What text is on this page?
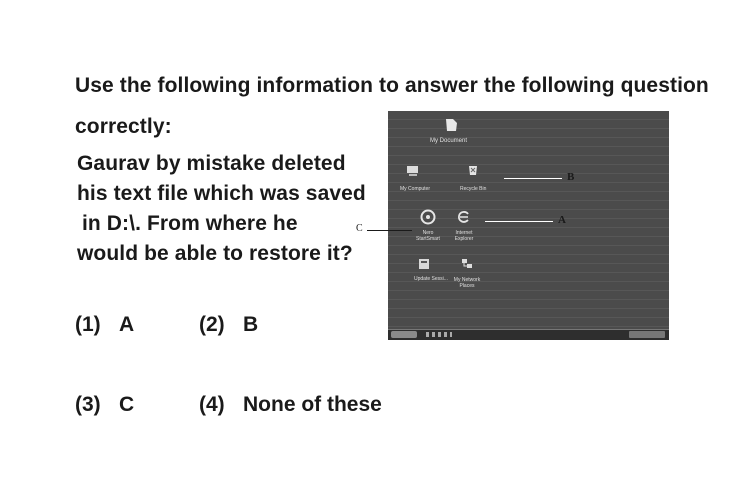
Use the following information to answer the following question
correctly:
Gaurav by mistake deleted
his text file which was saved
in D:\. From where he
would be able to restore it?
(1) A	(2) B
(3) C	(4) None of these
My Document
My Computer	Recycle Bin
Nero StartSmart
Internet Explorer
Update Sessi...	My Network Places
B
A
C
